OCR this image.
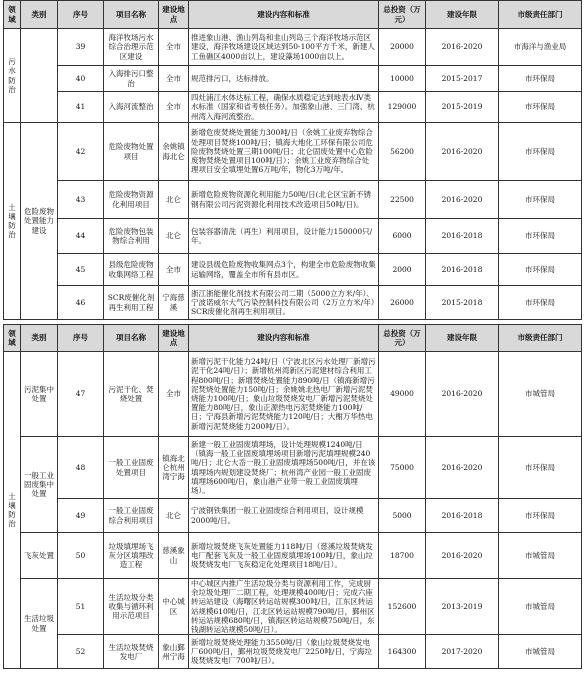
领域	类别	序号	项目名称	建设地点	建设内容和标准	总投资（万元）	建设年限	市级责任部门
污水防治		39	海洋牧场污水综合治理示范区建设	全市	推进象山港、渔山列岛和韭山列岛三个海洋牧场示范区建设，海洋牧场建设区域达到50-100平方千米，新建人工鱼礁区4000亩以上，建设藻场1000亩以上。	20000	2016-2020	市海洋与渔业局
		40	入海排污口整治	全市	规范排污口，达标排放。	10000	2015-2017	市环保局
		41	入海河流整治	全市	四灶浦江水体达标工程，确保水质稳定达到地表水Ⅳ类水标准（国家和省考核任务）。加强象山港、三门湾、杭州湾入海河流整治。	129000	2015-2019	市环保局
土壤防治	危险废物处置能力建设	42	危险废物处置项目	余姚镇海北仑	新增危废焚烧处置能力300吨/日（余姚工业废弃物综合处理项目焚烧100吨/日；镇海大地化工环保有限公司危险废物焚烧处置三期100吨/日；北仑固废处置中心危险废物焚烧处置项目100吨/日）；余姚工业废弃物综合处理项目安全填埋处置6万吨/年，物化3万吨/年。	56200	2016-2020	市环保局
		43	危险废物资源化利用项目	北仑	新增危险废物资源化利用能力50吨/日(北仑区宝新不锈钢有限公司污泥资源化利用技术改造项目50吨/日)。	22500	2016-2020	市环保局
		44	危险废物包装物综合利用	北仑	包装容器清洗（再生）利用项目，设计能力150000只/年。	6000	2016-2018	市环保局
		45	县级危险废物收集网络工程	全市	建设县级危险废物收集网点3个，构建全市危险废物收集运输网络，覆盖全市所有县市区。	2000	2016-2018	市环保局
		46	SCR废催化剂再生利用工程	宁海慈溪	浙江浙能催化剂技术有限公司二期（5000立方米/年）、宁波诺威尔大气污染控制科技有限公司（2万立方米/年）SCR废催化剂再生利用项目。	26000	2015-2018	市环保局
领域	类别	序号	项目名称	建设地点	建设内容和标准	总投资（万元）	建设年限	市级责任部门
土壤防治	污泥集中处置	47	污泥干化、焚烧处置	全市	新增污泥干化能力24吨/日（宁波北区污水处理厂新增污泥干化24吨/日）；新增杭州湾新区污泥建材综合利用工程800吨/日；新增焚烧处置能力890吨/日（镇海新增污泥焚烧处置能力150吨/日；余姚姚北热电厂新增污泥焚烧能力100吨/日；象山垃圾焚烧发电厂新增污泥焚烧处置能力80吨/日，象山正源热电污泥焚烧能力100吨/日；宁海县新增污泥焚烧能力120吨/日；大榭万华热电新增污泥焚烧能力200吨/日）。	49000	2016-2020	市城管局
	一般工业固废集中处置	48	一般工业固废处置项目	镇海北仑杭州湾宁海	新建一般工业固废填埋场，设计处理规模1240吨/日（镇海一般工业固废填埋场项目新增污泥填埋规模240吨/日；北仑大岙一般工业固废填埋场500吨/日，并在该填埋场内规划建设焚烧厂；杭州湾产业园一般工业固废填埋场600吨/日，象山港产业带一般工业固废填埋场）。	75000	2016-2020	市环保局
		49	一般工业固废综合利用项目	北仑	宁波钢铁集团一般工业固废综合利用项目，设计规模2000吨/日。	5000	2016-2018	市环保局
	飞灰处置	50	垃圾填埋场飞灰分区填埋改造工程	慈溪象山	新增垃圾焚烧飞灰处置能力118吨/日（慈溪垃圾焚烧发电厂配套飞灰及一般工业固废填埋场100吨/日，象山垃圾焚烧发电厂飞灰稳定化处理项目18吨/日）。	18700	2016-2020	市城管局
	生活垃圾处置	51	生活垃圾分类收集与循环利用示范项目	中心城区	中心城区内推广生活垃圾分类与资源利用工作，完成厨余垃圾处理厂二期工程，处理规模400吨/日；完成六座转运站建设（海曙区转运站规模300吨/日，江东区转运站规模610吨/日，江北区转运站规模790吨/日，鄞州区转运站规模680吨/日，镇海区转运站规模750吨/日，东钱湖转运站规模50吨/日）。	152600	2013-2019	市城管局
		52	生活垃圾焚烧发电厂	象山鄞州宁海	新增垃圾焚烧处理能力3550吨/日（象山垃圾焚烧发电厂600吨/日，鄞州垃圾焚烧发电厂2250吨/日，宁海垃圾焚烧发电厂700吨/日）。	164300	2017-2020	市城管局
